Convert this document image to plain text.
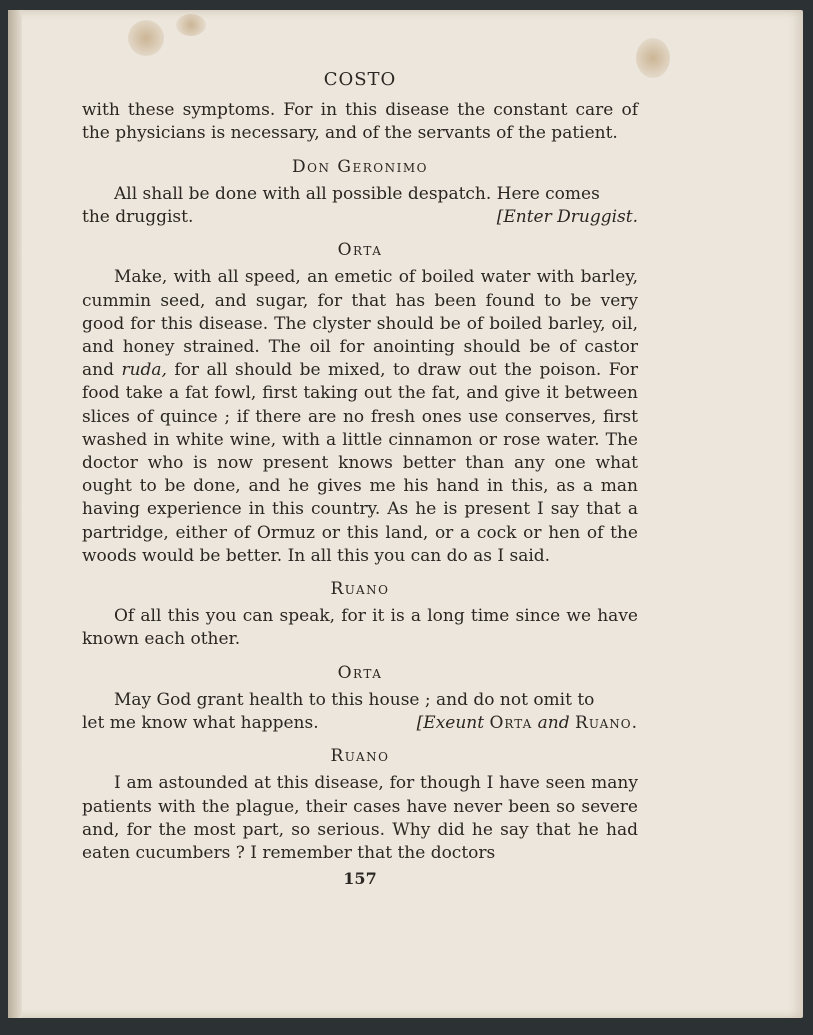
COSTO

with these symptoms. For in this disease the constant care of the physicians is necessary, and of the servants of the patient.

Don Geronimo

All shall be done with all possible despatch. Here comes

the druggist.	[Enter Druggist.
Orta

Make, with all speed, an emetic of boiled water with barley, cummin seed, and sugar, for that has been found to be very good for this disease. The clyster should be of boiled barley, oil, and honey strained. The oil for anointing should be of castor and ruda, for all should be mixed, to draw out the poison. For food take a fat fowl, first taking out the fat, and give it between slices of quince ; if there are no fresh ones use conserves, first washed in white wine, with a little cinnamon or rose water. The doctor who is now present knows better than any one what ought to be done, and he gives me his hand in this, as a man having experience in this country. As he is present I say that a partridge, either of Ormuz or this land, or a cock or hen of the woods would be better. In all this you can do as I said.

Ruano

Of all this you can speak, for it is a long time since we have known each other.

Orta

May God grant health to this house ; and do not omit to

let me know what happens.	[Exeunt Orta and Ruano.
Ruano

I am astounded at this disease, for though I have seen many patients with the plague, their cases have never been so severe and, for the most part, so serious. Why did he say that he had eaten cucumbers ? I remember that the doctors

157
